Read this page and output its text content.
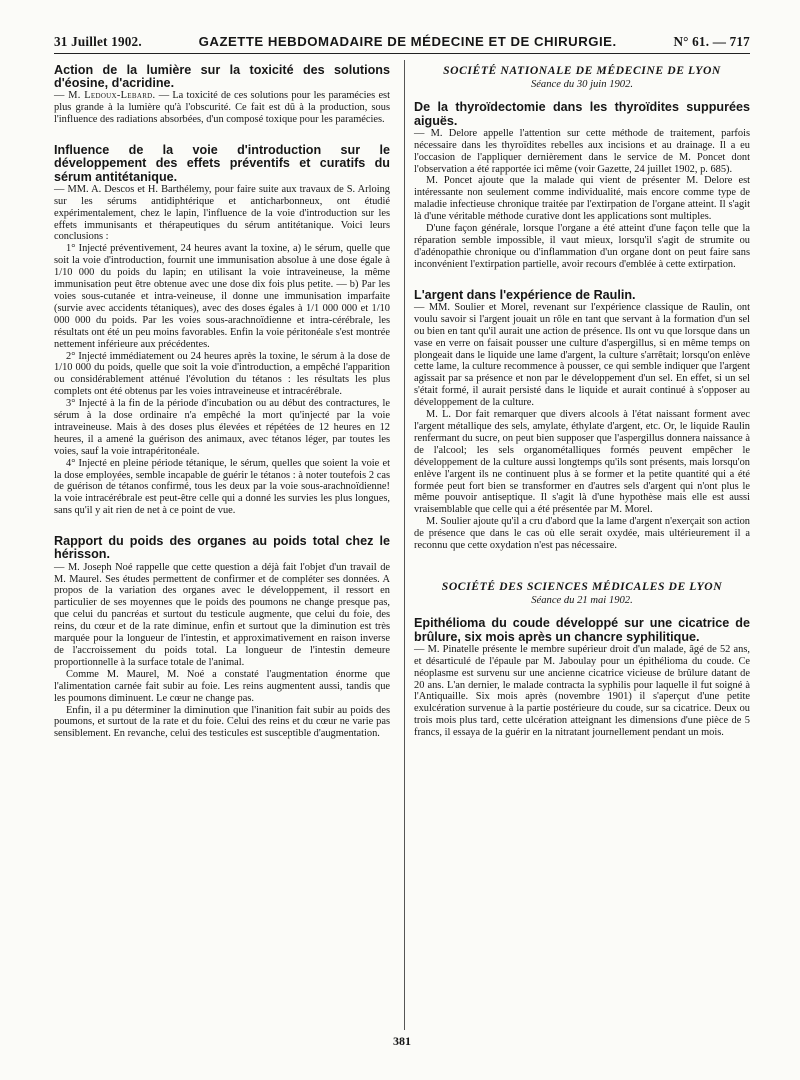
31 Juillet 1902.	GAZETTE HEBDOMADAIRE DE MÉDECINE ET DE CHIRURGIE.	N° 61. — 717
Action de la lumière sur la toxicité des solutions d'éosine, d'acridine.

— M. Ledoux-Lebard. — La toxicité de ces solutions pour les paramécies est plus grande à la lumière qu'à l'obscurité. Ce fait est dû à la production, sous l'influence des radiations absorbées, d'un composé toxique pour les paramécies.

Influence de la voie d'introduction sur le développement des effets préventifs et curatifs du sérum antitétanique.

— MM. A. Descos et H. Barthélemy, pour faire suite aux travaux de S. Arloing sur les sérums antidiphtérique et anticharbonneux, ont étudié expérimentalement, chez le lapin, l'influence de la voie d'introduction sur les effets immunisants et thérapeutiques du sérum antitétanique. Voici leurs conclusions :

1° Injecté préventivement, 24 heures avant la toxine, a) le sérum, quelle que soit la voie d'introduction, fournit une immunisation absolue à une dose égale à 1/10 000 du poids du lapin; en utilisant la voie intraveineuse, la même immunisation peut être obtenue avec une dose dix fois plus petite. — b) Par les voies sous-cutanée et intra-veineuse, il donne une immunisation imparfaite (survie avec accidents tétaniques), avec des doses égales à 1/1 000 000 et 1/10 000 000 du poids. Par les voies sous-arachnoïdienne et intra-cérébrale, les résultats ont été un peu moins favorables. Enfin la voie péritonéale s'est montrée nettement inférieure aux précédentes.

2° Injecté immédiatement ou 24 heures après la toxine, le sérum à la dose de 1/10 000 du poids, quelle que soit la voie d'introduction, a empêché l'apparition ou considérablement atténué l'évolution du tétanos : les résultats les plus complets ont été obtenus par les voies intraveineuse et intracérébrale.

3° Injecté à la fin de la période d'incubation ou au début des contractures, le sérum à la dose ordinaire n'a empêché la mort qu'injecté par la voie intraveineuse. Mais à des doses plus élevées et répétées de 12 heures en 12 heures, il a amené la guérison des animaux, avec tétanos léger, par toutes les voies, sauf la voie intrapéritonéale.

4° Injecté en pleine période tétanique, le sérum, quelles que soient la voie et la dose employées, semble incapable de guérir le tétanos : à noter toutefois 2 cas de guérison de tétanos confirmé, tous les deux par la voie sous-arachnoïdienne! la voie intracérébrale est peut-être celle qui a donné les survies les plus longues, sans qu'il y ait rien de net à ce point de vue.

Rapport du poids des organes au poids total chez le hérisson.

— M. Joseph Noé rappelle que cette question a déjà fait l'objet d'un travail de M. Maurel. Ses études permettent de confirmer et de compléter ses données. A propos de la variation des organes avec le développement, il ressort en particulier de ses moyennes que le poids des poumons ne change presque pas, que celui du pancréas et surtout du testicule augmente, que celui du foie, des reins, du cœur et de la rate diminue, enfin et surtout que la diminution est très marquée pour la longueur de l'intestin, et approximativement en raison inverse de l'accroissement du poids total. La longueur de l'intestin demeure proportionnelle à la surface totale de l'animal.

Comme M. Maurel, M. Noé a constaté l'augmentation énorme que l'alimentation carnée fait subir au foie. Les reins augmentent aussi, tandis que les poumons diminuent. Le cœur ne change pas.

Enfin, il a pu déterminer la diminution que l'inanition fait subir au poids des poumons, et surtout de la rate et du foie. Celui des reins et du cœur ne varie pas sensiblement. En revanche, celui des testicules est susceptible d'augmentation.

SOCIÉTÉ NATIONALE DE MÉDECINE DE LYON
Séance du 30 juin 1902.
De la thyroïdectomie dans les thyroïdites suppurées aiguës.

— M. Delore appelle l'attention sur cette méthode de traitement, parfois nécessaire dans les thyroïdites rebelles aux incisions et au drainage. Il a eu l'occasion de l'appliquer dernièrement dans le service de M. Poncet dont l'observation a été rapportée ici même (voir Gazette, 24 juillet 1902, p. 685).

M. Poncet ajoute que la malade qui vient de présenter M. Delore est intéressante non seulement comme individualité, mais encore comme type de maladie infectieuse chronique traitée par l'extirpation de l'organe atteint. Il s'agit là d'une véritable méthode curative dont les applications sont multiples.

D'une façon générale, lorsque l'organe a été atteint d'une façon telle que la réparation semble impossible, il vaut mieux, lorsqu'il s'agit de strumite ou d'adénopathie chronique ou d'inflammation d'un organe dont on peut faire sans inconvénient l'extirpation partielle, avoir recours d'emblée à cette extirpation.

L'argent dans l'expérience de Raulin.

— MM. Soulier et Morel, revenant sur l'expérience classique de Raulin, ont voulu savoir si l'argent jouait un rôle en tant que servant à la formation d'un sel ou bien en tant qu'il aurait une action de présence. Ils ont vu que lorsque dans un vase en verre on faisait pousser une culture d'aspergillus, si en même temps on plongeait dans le liquide une lame d'argent, la culture s'arrêtait; lorsqu'on enlève cette lame, la culture recommence à pousser, ce qui semble indiquer que l'argent agissait par sa présence et non par le développement d'un sel. En effet, si un sel s'était formé, il aurait persisté dans le liquide et aurait continué à s'opposer au développement de la culture.

M. L. Dor fait remarquer que divers alcools à l'état naissant forment avec l'argent métallique des sels, amylate, éthylate d'argent, etc. Or, le liquide Raulin renfermant du sucre, on peut bien supposer que l'aspergillus donnera naissance à de l'alcool; les sels organométalliques formés peuvent empêcher le développement de la culture aussi longtemps qu'ils sont présents, mais lorsqu'on enlève l'argent ils ne continuent plus à se former et la petite quantité qui a été formée peut fort bien se transformer en d'autres sels d'argent qui n'ont plus le même pouvoir antiseptique. Il s'agit là d'une hypothèse mais elle est aussi vraisemblable que celle qui a été présentée par M. Morel.

M. Soulier ajoute qu'il a cru d'abord que la lame d'argent n'exerçait son action de présence que dans le cas où elle serait oxydée, mais ultérieurement il a reconnu que cette oxydation n'est pas nécessaire.

SOCIÉTÉ DES SCIENCES MÉDICALES DE LYON
Séance du 21 mai 1902.
Epithélioma du coude développé sur une cicatrice de brûlure, six mois après un chancre syphilitique.

— M. Pinatelle présente le membre supérieur droit d'un malade, âgé de 52 ans, et désarticulé de l'épaule par M. Jaboulay pour un épithélioma du coude. Ce néoplasme est survenu sur une ancienne cicatrice vicieuse de brûlure datant de 20 ans. L'an dernier, le malade contracta la syphilis pour laquelle il fut soigné à l'Antiquaille. Six mois après (novembre 1901) il s'aperçut d'une petite exulcération survenue à la partie postérieure du coude, sur sa cicatrice. Deux ou trois mois plus tard, cette ulcération atteignant les dimensions d'une pièce de 5 francs, il essaya de la guérir en la nitratant journellement pendant un mois.

381
